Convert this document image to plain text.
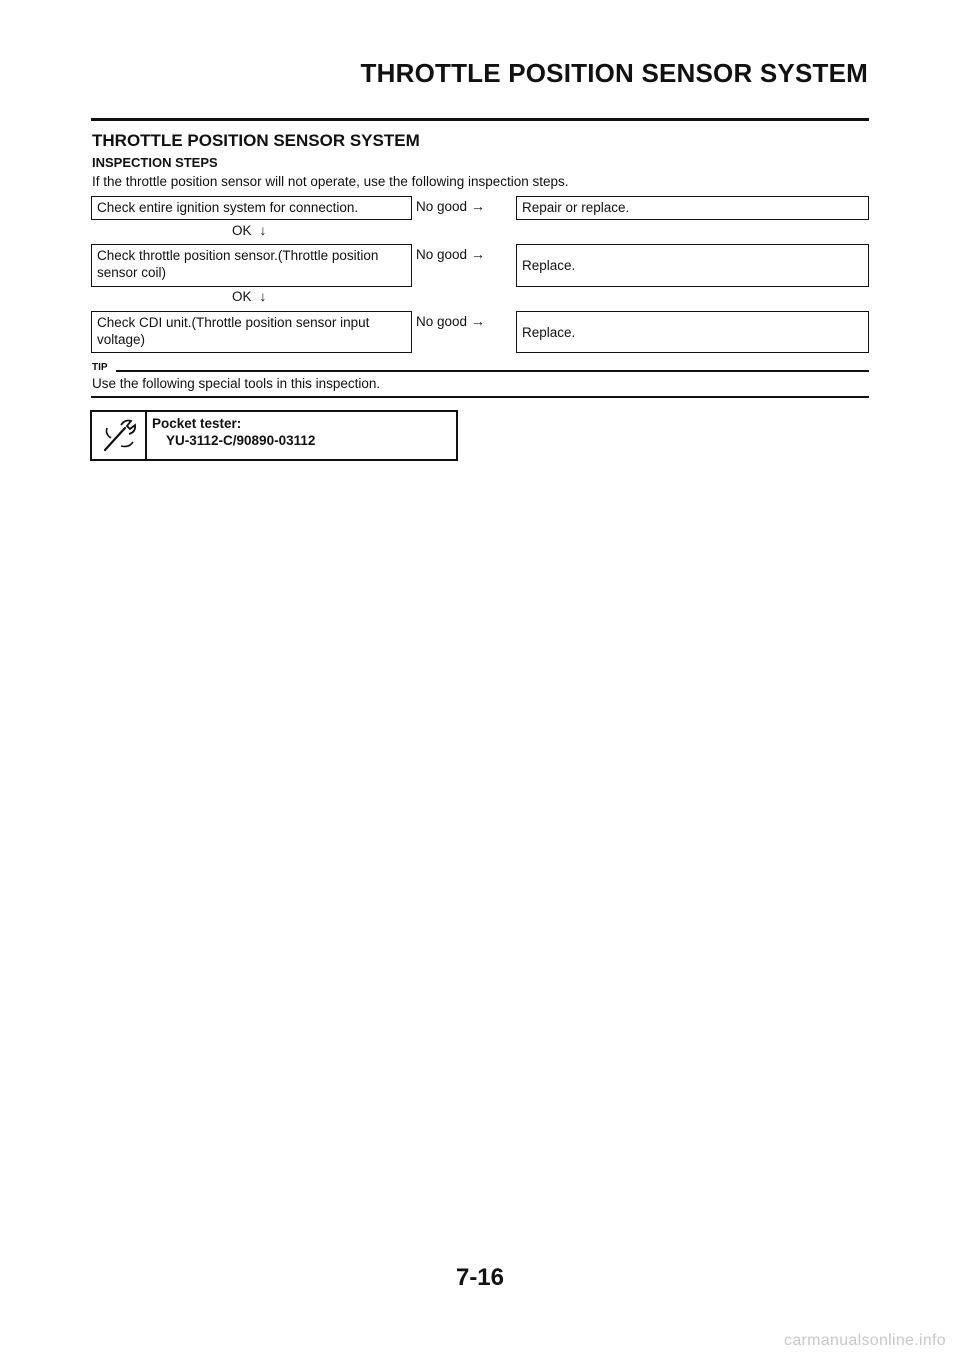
THROTTLE POSITION SENSOR SYSTEM
THROTTLE POSITION SENSOR SYSTEM
INSPECTION STEPS
If the throttle position sensor will not operate, use the following inspection steps.
Check entire ignition system for connection.	No good →	Repair or replace.
OK ↓
Check throttle position sensor.(Throttle position sensor coil)
No good →
Replace.
OK ↓
Check CDI unit.(Throttle position sensor input voltage)
No good →
Replace.
TIP
Use the following special tools in this inspection.
Pocket tester:
YU-3112-C/90890-03112
7-16
carmanualsonline.info
